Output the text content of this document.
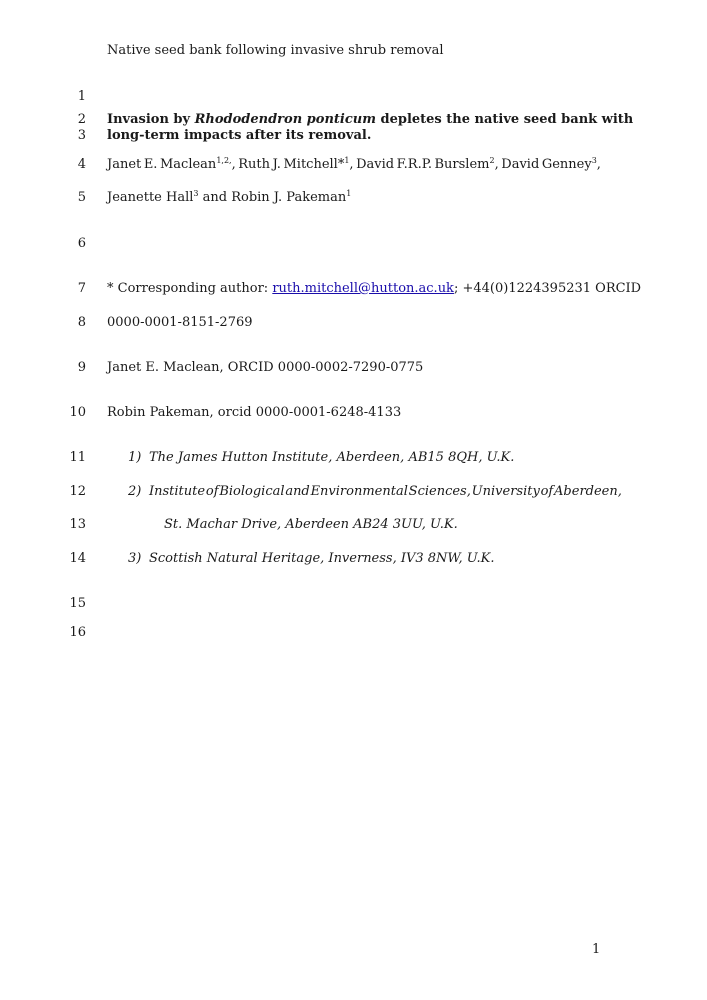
Native seed bank following invasive shrub removal
1
2
3
4
5
6
7
8
9
10
11
12
13
14
15
16
Invasion by Rhododendron ponticum depletes the native seed bank with
long-term impacts after its removal.
Janet E. Maclean$^{1,2,}$, Ruth J. Mitchell*$^1$, David F.R.P. Burslem$^2$, David Genney$^3$,
Jeanette Hall$^3$ and Robin J. Pakeman$^1$
* Corresponding author: ruth.mitchell@hutton.ac.uk; +44(0)1224395231 ORCID
0000-0001-8151-2769
Janet E. Maclean, ORCID 0000-0002-7290-0775
Robin Pakeman, orcid 0000-0001-6248-4133
1) The James Hutton Institute, Aberdeen, AB15 8QH, U.K.
2) Institute of Biological and Environmental Sciences, University of Aberdeen,
St. Machar Drive, Aberdeen AB24 3UU, U.K.
3) Scottish Natural Heritage, Inverness, IV3 8NW, U.K.
1
